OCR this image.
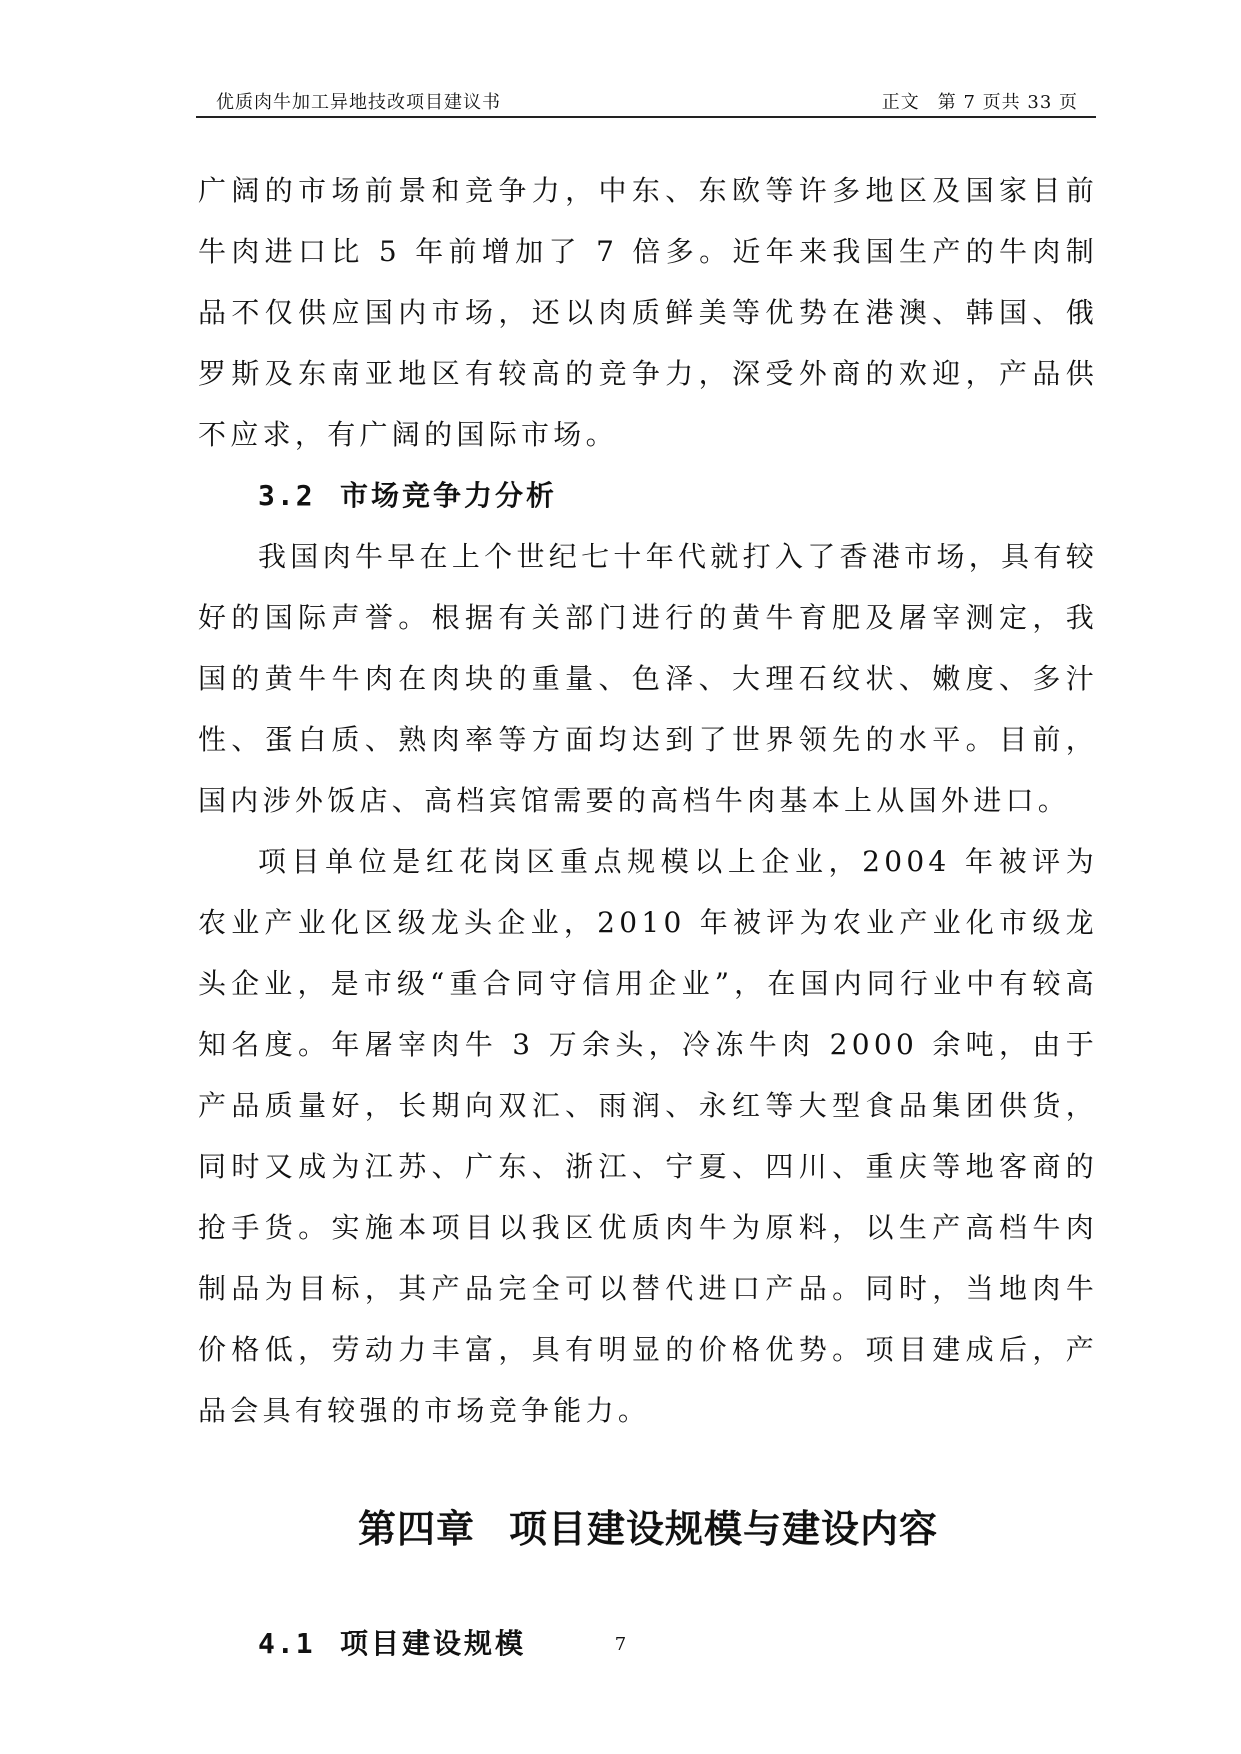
优质肉牛加工异地技改项目建议书	正文 第 7 页共 33 页

广阔的市场前景和竞争力，中东、东欧等许多地区及国家目前牛肉进口比 5 年前增加了 7 倍多。近年来我国生产的牛肉制品不仅供应国内市场，还以肉质鲜美等优势在港澳、韩国、俄罗斯及东南亚地区有较高的竞争力，深受外商的欢迎，产品供不应求，有广阔的国际市场。

3.2 市场竞争力分析

我国肉牛早在上个世纪七十年代就打入了香港市场，具有较好的国际声誉。根据有关部门进行的黄牛育肥及屠宰测定，我国的黄牛牛肉在肉块的重量、色泽、大理石纹状、嫩度、多汁性、蛋白质、熟肉率等方面均达到了世界领先的水平。目前，国内涉外饭店、高档宾馆需要的高档牛肉基本上从国外进口。

项目单位是红花岗区重点规模以上企业，2004 年被评为农业产业化区级龙头企业，2010 年被评为农业产业化市级龙头企业，是市级“重合同守信用企业”，在国内同行业中有较高知名度。年屠宰肉牛 3 万余头，冷冻牛肉 2000 余吨，由于产品质量好，长期向双汇、雨润、永红等大型食品集团供货，同时又成为江苏、广东、浙江、宁夏、四川、重庆等地客商的抢手货。实施本项目以我区优质肉牛为原料，以生产高档牛肉制品为目标，其产品完全可以替代进口产品。同时，当地肉牛价格低，劳动力丰富，具有明显的价格优势。项目建成后，产品会具有较强的市场竞争能力。

第四章 项目建设规模与建设内容
4.1 项目建设规模	7
